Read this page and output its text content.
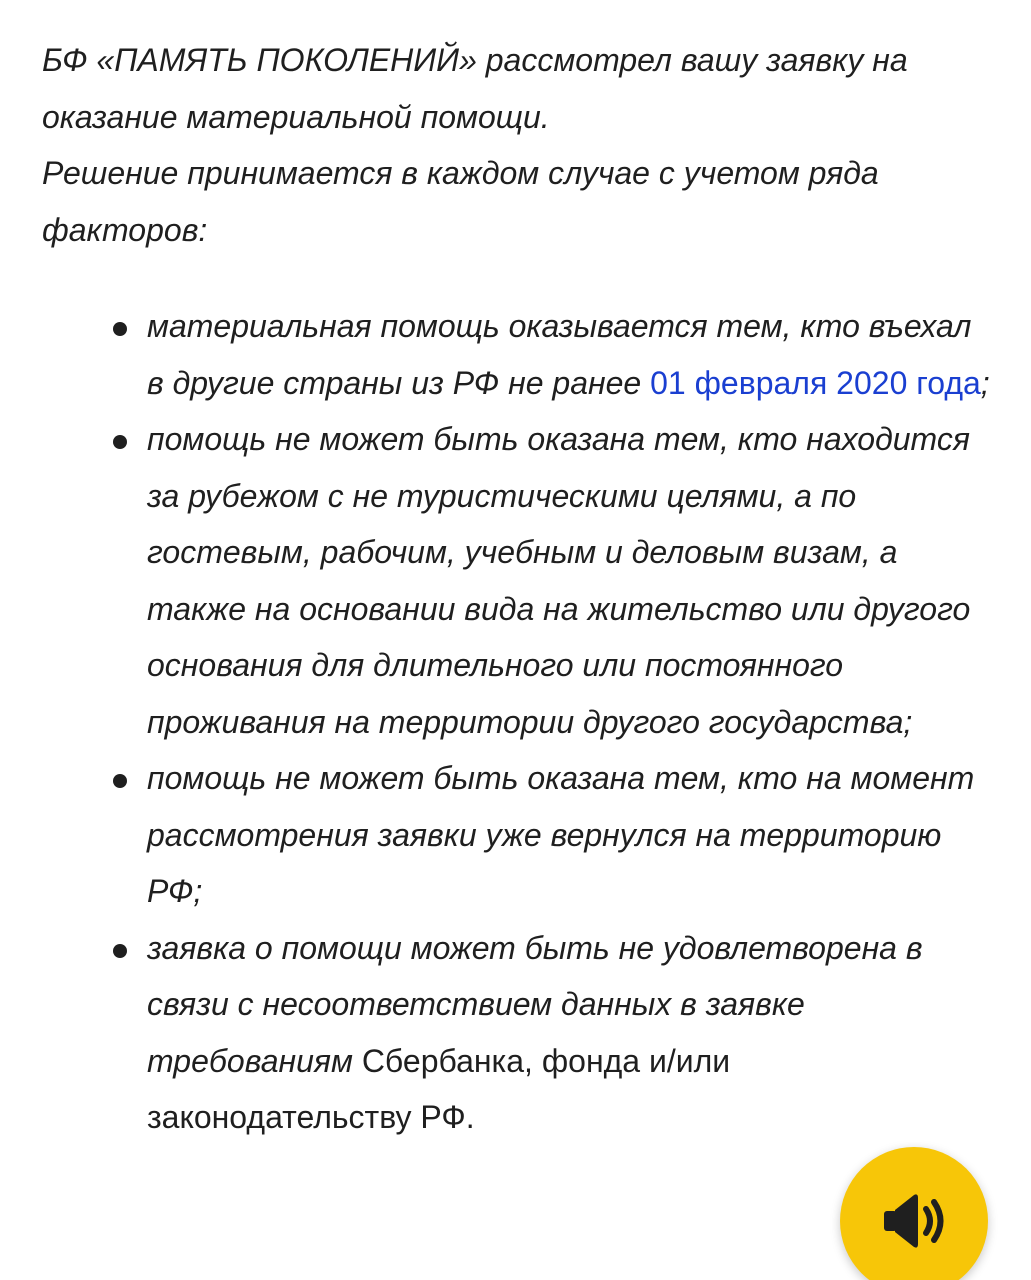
БФ «ПАМЯТЬ ПОКОЛЕНИЙ» рассмотрел вашу заявку на оказание материальной помощи.

Решение принимается в каждом случае с учетом ряда факторов:

материальная помощь оказывается тем, кто въехал в другие страны из РФ не ранее 01 февраля 2020 года;
помощь не может быть оказана тем, кто находится за рубежом с не туристическими целями, а по гостевым, рабочим, учебным и деловым визам, а также на основании вида на жительство или другого основания для длительного или постоянного проживания на территории другого государства;
помощь не может быть оказана тем, кто на момент рассмотрения заявки уже вернулся на территорию РФ;
заявка о помощи может быть не удовлетворена в связи с несоответствием данных в заявке требованиям Сбербанка, фонда и/или законодательству РФ.
